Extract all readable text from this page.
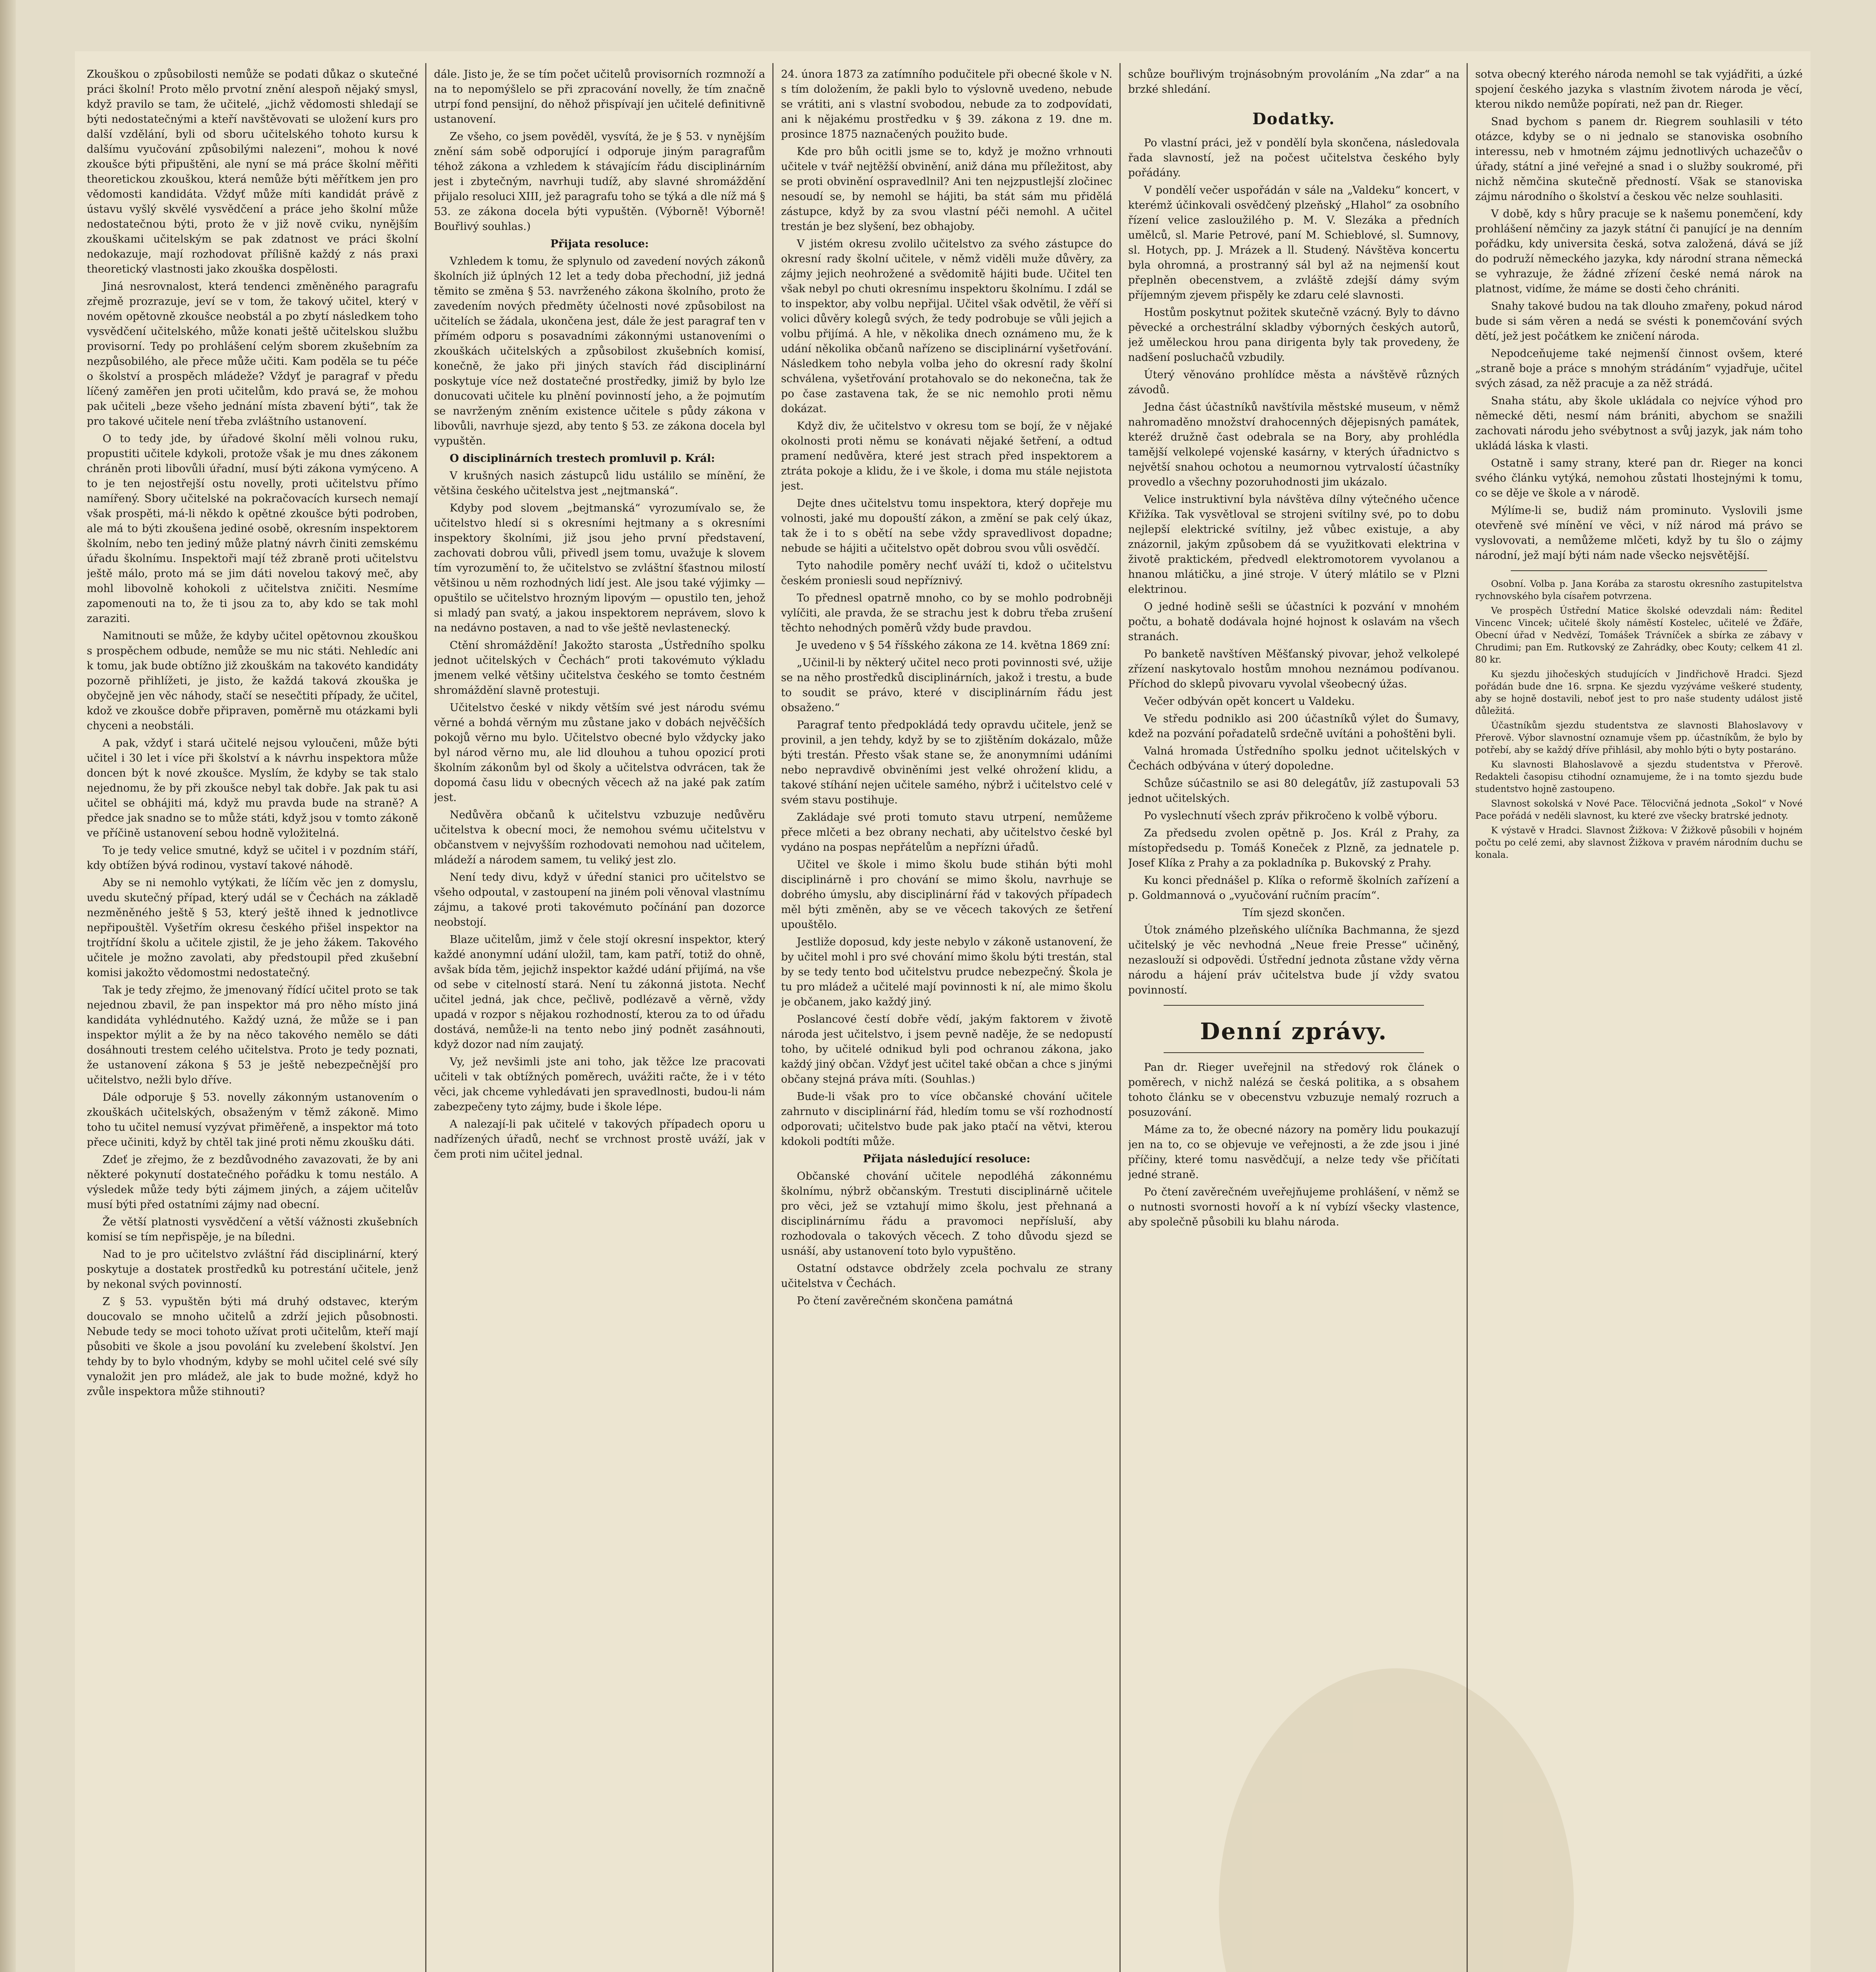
Zkouškou o způsobilosti nemůže se podati důkaz o skutečné práci školní! Proto mělo prvotní znění alespoň nějaký smysl, když pravilo se tam, že učitelé, „jichž vědomosti shledají se býti nedostatečnými a kteří navštěvovati se uložení kurs pro další vzdělání, byli od sboru učitelského tohoto kursu k dalšímu vyučování způsobilými nalezeni“, mohou k nové zkoušce býti připuštěni, ale nyní se má práce školní měřiti theoretickou zkouškou, která nemůže býti měřítkem jen pro vědomosti kandidáta. Vždyť může míti kandidát právě z ústavu vyšlý skvělé vysvědčení a práce jeho školní může nedostatečnou býti, proto že v již nově cviku, nynějším zkouškami učitelským se pak zdatnost ve práci školní nedokazuje, mají rozhodovat přílišně každý z nás praxi theoretický vlastnosti jako zkouška dospělosti.

Jiná nesrovnalost, která tendenci změněného paragrafu zřejmě prozrazuje, jeví se v tom, že takový učitel, který v novém opětovně zkoušce neobstál a po zbytí následkem toho vysvědčení učitelského, může konati ještě učitelskou službu provisorní. Tedy po prohlášení celým sborem zkušebním za nezpůsobilého, ale přece může učiti. Kam poděla se tu péče o školství a prospěch mládeže? Vždyť je paragraf v předu líčený zaměřen jen proti učitelům, kdo pravá se, že mohou pak učiteli „beze všeho jednání místa zbavení býti“, tak že pro takové učitele není třeba zvláštního ustanovení.

O to tedy jde, by úřadové školní měli volnou ruku, propustiti učitele kdykoli, protože však je mu dnes zákonem chráněn proti libovůli úřadní, musí býti zákona vymýceno. A to je ten nejostřejší ostu novelly, proti učitelstvu přímo namířený. Sbory učitelské na pokračovacích kursech nemají však prospěti, má-li někdo k opětné zkoušce býti podroben, ale má to býti zkoušena jediné osobě, okresním inspektorem školním, nebo ten jediný může platný návrh činiti zemskému úřadu školnímu. Inspektoři mají též zbraně proti učitelstvu ještě málo, proto má se jim dáti novelou takový meč, aby mohl libovolně kohokoli z učitelstva zničiti. Nesmíme zapomenouti na to, že ti jsou za to, aby kdo se tak mohl zaraziti.

Namitnouti se může, že kdyby učitel opětovnou zkouškou s prospěchem odbude, nemůže se mu nic státi. Nehledíc ani k tomu, jak bude obtížno již zkouškám na takovéto kandidáty pozorně přihlížeti, je jisto, že každá taková zkouška je obyčejně jen věc náhody, stačí se nesečtiti případy, že učitel, kdož ve zkoušce dobře připraven, poměrně mu otázkami byli chyceni a neobstáli.

A pak, vždyť i stará učitelé nejsou vyloučeni, může býti učitel i 30 let i více při školství a k návrhu inspektora může doncen být k nové zkoušce. Myslím, že kdyby se tak stalo nejednomu, že by při zkoušce nebyl tak dobře. Jak pak tu asi učitel se obhájiti má, když mu pravda bude na straně? A předce jak snadno se to může státi, když jsou v tomto zákoně ve příčině ustanovení sebou hodně vyložitelná.

To je tedy velice smutné, když se učitel i v pozdním stáří, kdy obtížen bývá rodinou, vystaví takové náhodě.

Aby se ni nemohlo vytýkati, že líčím věc jen z domyslu, uvedu skutečný případ, který udál se v Čechách na základě nezměněného ještě § 53, který ještě ihned k jednotlivce nepřipouštěl. Vyšetřím okresu českého přišel inspektor na trojtřídní školu a učitele zjistil, že je jeho žákem. Takového učitele je možno zavolati, aby předstoupil před zkušební komisi jakožto vědomostmi nedostatečný.

Tak je tedy zřejmo, že jmenovaný řídící učitel proto se tak nejednou zbavil, že pan inspektor má pro něho místo jiná kandidáta vyhlédnutého. Každý uzná, že může se i pan inspektor mýlit a že by na něco takového nemělo se dáti dosáhnouti trestem celého učitelstva. Proto je tedy poznati, že ustanovení zákona § 53 je ještě nebezpečnější pro učitelstvo, nežli bylo dříve.

Dále odporuje § 53. novelly zákonným ustanovením o zkouškách učitelských, obsaženým v těmž zákoně. Mimo toho tu učitel nemusí vyzývat přiměřeně, a inspektor má toto přece učiniti, když by chtěl tak jiné proti němu zkoušku dáti.

Zdeť je zřejmo, že z bezdůvodného zavazovati, že by ani některé pokynutí dostatečného pořádku k tomu nestálo. A výsledek může tedy býti zájmem jiných, a zájem učitelův musí býti před ostatními zájmy nad obecní.

Že větší platnosti vysvědčení a větší vážnosti zkušebních komisí se tím nepřispěje, je na bíledni.

Nad to je pro učitelstvo zvláštní řád disciplinární, který poskytuje a dostatek prostředků ku potrestání učitele, jenž by nekonal svých povinností.

Z § 53. vypuštěn býti má druhý odstavec, kterým doucovalo se mnoho učitelů a zdrží jejich působnosti. Nebude tedy se moci tohoto užívat proti učitelům, kteří mají působiti ve škole a jsou povolání ku zvelebení školství. Jen tehdy by to bylo vhodným, kdyby se mohl učitel celé své síly vynaložit jen pro mládež, ale jak to bude možné, když ho zvůle inspektora může stihnouti?

dále. Jisto je, že se tím počet učitelů provisorních rozmnoží a na to nepomýšlelo se při zpracování novelly, že tím značně utrpí fond pensijní, do něhož přispívají jen učitelé definitivně ustanovení.

Ze všeho, co jsem pověděl, vysvítá, že je § 53. v nynějším znění sám sobě odporující i odporuje jiným paragrafům téhož zákona a vzhledem k stávajícím řádu disciplinárním jest i zbytečným, navrhuji tudíž, aby slavné shromáždění přijalo resoluci XIII, jež paragrafu toho se týká a dle níž má § 53. ze zákona docela býti vypuštěn. (Výborně! Výborně! Bouřlivý souhlas.)

Přijata resoluce:

Vzhledem k tomu, že splynulo od zavedení nových zákonů školních již úplných 12 let a tedy doba přechodní, již jedná těmito se změna § 53. navrženého zákona školního, proto že zavedením nových předměty účelnosti nové způsobilost na učitelích se žádala, ukončena jest, dále že jest paragraf ten v přímém odporu s posavadními zákonnými ustanoveními o zkouškách učitelských a způsobilost zkušebních komisí, konečně, že jako při jiných stavích řád disciplinární poskytuje více než dostatečné prostředky, jimiž by bylo lze donucovati učitele ku plnění povinností jeho, a že pojmutím se navrženým zněním existence učitele s půdy zákona v libovůli, navrhuje sjezd, aby tento § 53. ze zákona docela byl vypuštěn.

O disciplinárních trestech promluvil p. Král:

V krušných nasich zástupců lidu ustálilo se mínění, že většina českého učitelstva jest „nejtmanská“.

Kdyby pod slovem „bejtmanská“ vyrozumívalo se, že učitelstvo hledí si s okresními hejtmany a s okresními inspektory školními, již jsou jeho první představení, zachovati dobrou vůli, přivedl jsem tomu, uvažuje k slovem tím vyrozumění to, že učitelstvo se zvláštní šťastnou milostí většinou u něm rozhodných lidí jest. Ale jsou také výjimky — opuštilo se učitelstvo hrozným lipovým — opustilo ten, jehož si mladý pan svatý, a jakou inspektorem neprávem, slovo k na nedávno postaven, a nad to vše ještě nevlastenecký.

Ctění shromáždění! Jakožto starosta „Ústředního spolku jednot učitelských v Čechách“ proti takovémuto výkladu jmenem velké většiny učitelstva českého se tomto čestném shromáždění slavně protestuji.

Učitelstvo české v nikdy větším své jest národu svému věrné a bohdá věrným mu zůstane jako v dobách nejvěčších pokojů věrno mu bylo. Učitelstvo obecné bylo vždycky jako byl národ věrno mu, ale lid dlouhou a tuhou opozicí proti školním zákonům byl od školy a učitelstva odvrácen, tak že dopomá času lidu v obecných věcech až na jaké pak zatím jest.

Nedůvěra občanů k učitelstvu vzbuzuje nedůvěru učitelstva k obecní moci, že nemohou svému učitelstvu v občanstvem v nejvyšším rozhodovati nemohou nad učitelem, mládeží a národem samem, tu veliký jest zlo.

Není tedy divu, když v úřední stanici pro učitelstvo se všeho odpoutal, v zastoupení na jiném poli věnoval vlastnímu zájmu, a takové proti takovémuto počínání pan dozorce neobstojí.

Blaze učitelům, jimž v čele stojí okresní inspektor, který každé anonymní udání uložil, tam, kam patří, totiž do ohně, avšak bída těm, jejichž inspektor každé udání přijímá, na vše od sebe v citelností stará. Není tu zákonná jistota. Nechť učitel jedná, jak chce, pečlivě, podlézavě a věrně, vždy upadá v rozpor s nějakou rozhodností, kterou za to od úřadu dostává, nemůže-li na tento nebo jiný podnět zasáhnouti, když dozor nad ním zaujatý.

Vy, jež nevšimli jste ani toho, jak těžce lze pracovati učiteli v tak obtížných poměrech, uvážiti račte, že i v této věci, jak chceme vyhledávati jen spravedlnosti, budou-li nám zabezpečeny tyto zájmy, bude i škole lépe.

A nalezají-li pak učitelé v takových případech oporu u nadřízených úřadů, nechť se vrchnost prostě uváží, jak v čem proti nim učitel jednal.

24. února 1873 za zatímního podučitele při obecné škole v N. s tím doložením, že pakli bylo to výslovně uvedeno, nebude se vrátiti, ani s vlastní svobodou, nebude za to zodpovídati, ani k nějakému prostředku v § 39. zákona z 19. dne m. prosince 1875 naznačených použito bude.

Kde pro bůh ocitli jsme se to, když je možno vrhnouti učitele v tvář nejtěžší obvinění, aniž dána mu příležitost, aby se proti obvinění ospravedlnil? Ani ten nejzpustlejší zločinec nesoudí se, by nemohl se hájiti, ba stát sám mu přidělá zástupce, když by za svou vlastní péči nemohl. A učitel trestán je bez slyšení, bez obhajoby.

V jistém okresu zvolilo učitelstvo za svého zástupce do okresní rady školní učitele, v němž viděli muže důvěry, za zájmy jejich neohrožené a svědomitě hájiti bude. Učitel ten však nebyl po chuti okresnímu inspektoru školnímu. I zdál se to inspektor, aby volbu nepřijal. Učitel však odvětil, že věří si volici důvěry kolegů svých, že tedy podrobuje se vůli jejich a volbu přijímá. A hle, v několika dnech oznámeno mu, že k udání několika občanů nařízeno se disciplinární vyšetřování. Následkem toho nebyla volba jeho do okresní rady školní schválena, vyšetřování protahovalo se do nekonečna, tak že po čase zastavena tak, že se nic nemohlo proti němu dokázat.

Když div, že učitelstvo v okresu tom se bojí, že v nějaké okolnosti proti němu se konávati nějaké šetření, a odtud pramení nedůvěra, které jest strach před inspektorem a ztráta pokoje a klidu, že i ve škole, i doma mu stále nejistota jest.

Dejte dnes učitelstvu tomu inspektora, který dopřeje mu volnosti, jaké mu dopouští zákon, a změní se pak celý úkaz, tak že i to s obětí na sebe vždy spravedlivost dopadne; nebude se hájiti a učitelstvo opět dobrou svou vůli osvědčí.

Tyto nahodile poměry nechť uváží ti, kdož o učitelstvu českém proniesli soud nepříznivý.

To přednesl opatrně mnoho, co by se mohlo podrobněji vylíčiti, ale pravda, že se strachu jest k dobru třeba zrušení těchto nehodných poměrů vždy bude pravdou.

Je uvedeno v § 54 říšského zákona ze 14. května 1869 zní:

„Učinil-li by některý učitel neco proti povinnosti své, užije se na něho prostředků disciplinárních, jakož i trestu, a bude to soudit se právo, které v disciplinárním řádu jest obsaženo.“

Paragraf tento předpokládá tedy opravdu učitele, jenž se provinil, a jen tehdy, když by se to zjištěním dokázalo, může býti trestán. Přesto však stane se, že anonymními udáními nebo nepravdivě obviněními jest velké ohrožení klidu, a takové stíhání nejen učitele samého, nýbrž i učitelstvo celé v svém stavu postihuje.

Zakládaje své proti tomuto stavu utrpení, nemůžeme přece mlčeti a bez obrany nechati, aby učitelstvo české byl vydáno na pospas nepřátelům a nepřízni úřadů.

Učitel ve škole i mimo školu bude stihán býti mohl disciplinárně i pro chování se mimo školu, navrhuje se dobrého úmyslu, aby disciplinární řád v takových případech měl býti změněn, aby se ve věcech takových ze šetření upouštělo.

Jestliže doposud, kdy jeste nebylo v zákoně ustanovení, že by učitel mohl i pro své chování mimo školu býti trestán, stal by se tedy tento bod učitelstvu prudce nebezpečný. Škola je tu pro mládež a učitelé mají povinnosti k ní, ale mimo školu je občanem, jako každý jiný.

Poslancové čestí dobře vědí, jakým faktorem v životě národa jest učitelstvo, i jsem pevně naděje, že se nedopustí toho, by učitelé odnikud byli pod ochranou zákona, jako každý jiný občan. Vždyť jest učitel také občan a chce s jinými občany stejná práva míti. (Souhlas.)

Bude-li však pro to více občanské chování učitele zahrnuto v disciplinární řád, hledím tomu se vší rozhodností odporovati; učitelstvo bude pak jako ptačí na větvi, kterou kdokoli podtíti může.

Přijata následující resoluce:

Občanské chování učitele nepodléhá zákonnému školnímu, nýbrž občanským. Trestuti disciplinárně učitele pro věci, jež se vztahují mimo školu, jest přehnaná a disciplinárnímu řádu a pravomoci nepřísluší, aby rozhodovala o takových věcech. Z toho důvodu sjezd se usnáší, aby ustanovení toto bylo vypuštěno.

Ostatní odstavce obdržely zcela pochvalu ze strany učitelstva v Čechách.

Po čtení zavěrečném skončena památná

schůze bouřlivým trojnásobným provoláním „Na zdar“ a na brzké shledání.

Dodatky.

Po vlastní práci, jež v pondělí byla skončena, následovala řada slavností, jež na počest učitelstva českého byly pořádány.

V pondělí večer uspořádán v sále na „Valdeku“ koncert, v kterémž účinkovali osvědčený plzeňský „Hlahol“ za osobního řízení velice zasloužilého p. M. V. Slezáka a předních umělců, sl. Marie Petrové, paní M. Schieblové, sl. Sumnovy, sl. Hotych, pp. J. Mrázek a ll. Studený. Návštěva koncertu byla ohromná, a prostranný sál byl až na nejmenší kout přeplněn obecenstvem, a zvláště zdejší dámy svým příjemným zjevem přispěly ke zdaru celé slavnosti.

Hostům poskytnut požitek skutečně vzácný. Byly to dávno pěvecké a orchestrální skladby výborných českých autorů, jež uměleckou hrou pana dirigenta byly tak provedeny, že nadšení posluchačů vzbudily.

Úterý věnováno prohlídce města a návštěvě různých závodů.

Jedna část účastníků navštívila městské museum, v němž nahromaděno množství drahocenných dějepisných památek, kteréž družně čast odebrala se na Bory, aby prohlédla tamější velkolepé vojenské kasárny, v kterých úřadnictvo s největší snahou ochotou a neumornou vytrvalostí účastníky provedlo a všechny pozoruhodnosti jim ukázalo.

Velice instruktivní byla návštěva dílny výtečného učence Křižíka. Tak vysvětloval se strojeni svítilny své, po to dobu nejlepší elektrické svítilny, jež vůbec existuje, a aby znázornil, jakým způsobem dá se využitkovati elektrina v životě praktickém, předvedl elektromotorem vyvolanou a hnanou mlátičku, a jiné stroje. V úterý mlátilo se v Plzni elektrinou.

O jedné hodině sešli se účastníci k pozvání v mnohém počtu, a bohatě dodávala hojné hojnost k oslavám na všech stranách.

Po banketě navštíven Měšťanský pivovar, jehož velkolepé zřízení naskytovalo hostům mnohou neznámou podívanou. Příchod do sklepů pivovaru vyvolal všeobecný úžas.

Večer odbýván opět koncert u Valdeku.

Ve středu podniklo asi 200 účastníků výlet do Šumavy, kdež na pozvání pořadatelů srdečně uvítáni a pohoštěni byli.

Valná hromada Ústředního spolku jednot učitelských v Čechách odbývána v úterý dopoledne.

Schůze súčastnilo se asi 80 delegátův, jíž zastupovali 53 jednot učitelských.

Po vyslechnutí všech zpráv přikročeno k volbě výboru.

Za předsedu zvolen opětně p. Jos. Král z Prahy, za místopředsedu p. Tomáš Koneček z Plzně, za jednatele p. Josef Klíka z Prahy a za pokladníka p. Bukovský z Prahy.

Ku konci přednášel p. Klíka o reformě školních zařízení a p. Goldmannová o „vyučování ručním pracím“.

Tím sjezd skončen.

Útok známého plzeňského ulíčníka Bachmanna, že sjezd učitelský je věc nevhodná „Neue freie Presse“ učiněný, nezaslouží si odpovědi. Ústřední jednota zůstane vždy věrna národu a hájení práv učitelstva bude jí vždy svatou povinností.

Denní zprávy.

Pan dr. Rieger uveřejnil na středový rok článek o poměrech, v nichž nalézá se česká politika, a s obsahem tohoto článku se v obecenstvu vzbuzuje nemalý rozruch a posuzování.

Máme za to, že obecné názory na poměry lidu poukazují jen na to, co se objevuje ve veřejnosti, a že zde jsou i jiné příčiny, které tomu nasvědčují, a nelze tedy vše přičítati jedné straně.

Po čtení zavěrečném uveřejňujeme prohlášení, v němž se o nutnosti svornosti hovoří a k ní vybízí všecky vlastence, aby společně působili ku blahu národa.

sotva obecný kterého národa nemohl se tak vyjádřiti, a úzké spojení českého jazyka s vlastním životem národa je věcí, kterou nikdo nemůže popírati, než pan dr. Rieger.

Snad bychom s panem dr. Riegrem souhlasili v této otázce, kdyby se o ni jednalo se stanoviska osobního interessu, neb v hmotném zájmu jednotlivých uchazečův o úřady, státní a jiné veřejné a snad i o služby soukromé, při nichž němčina skutečně předností. Však se stanoviska zájmu národního o školství a českou věc nelze souhlasiti.

V době, kdy s hůry pracuje se k našemu ponemčení, kdy prohlášení němčiny za jazyk státní či panující je na denním pořádku, kdy universita česká, sotva založená, dává se jíž do podruží německého jazyka, kdy národní strana německá se vyhrazuje, že žádné zřízení české nemá nárok na platnost, vidíme, že máme se dosti čeho chrániti.

Snahy takové budou na tak dlouho zmařeny, pokud národ bude si sám věren a nedá se svésti k ponemčování svých dětí, jež jest počátkem ke zničení národa.

Nepodceňujeme také nejmenší činnost ovšem, které „straně boje a práce s mnohým strádáním“ vyjadřuje, učitel svých zásad, za něž pracuje a za něž strádá.

Snaha státu, aby škole ukládala co nejvíce výhod pro německé děti, nesmí nám brániti, abychom se snažili zachovati národu jeho svébytnost a svůj jazyk, jak nám toho ukládá láska k vlasti.

Ostatně i samy strany, které pan dr. Rieger na konci svého článku vytýká, nemohou zůstati lhostejnými k tomu, co se děje ve škole a v národě.

Mýlíme-li se, budiž nám prominuto. Vyslovili jsme otevřeně své mínění ve věci, v níž národ má právo se vyslovovati, a nemůžeme mlčeti, když by tu šlo o zájmy národní, jež mají býti nám nade všecko nejsvětější.

Osobní. Volba p. Jana Korába za starostu okresního zastupitelstva rychnovského byla císařem potvrzena.

Ve prospěch Ústřední Matice školské odevzdali nám: Ředitel Vincenc Vincek; učitelé školy náměstí Kostelec, učitelé ve Žďáře, Obecní úřad v Nedvězí, Tomášek Trávníček a sbírka ze zábavy v Chrudimi; pan Em. Rutkovský ze Zahrádky, obec Kouty; celkem 41 zl. 80 kr.

Ku sjezdu jihočeských studujících v Jindřichově Hradci. Sjezd pořádán bude dne 16. srpna. Ke sjezdu vyzýváme veškeré studenty, aby se hojně dostavili, neboť jest to pro naše studenty událost jistě důležitá.

Účastníkům sjezdu studentstva ze slavnosti Blahoslavovy v Přerově. Výbor slavnostní oznamuje všem pp. účastníkům, že bylo by potřebí, aby se každý dříve přihlásil, aby mohlo býti o byty postaráno.

Ku slavnosti Blahoslavově a sjezdu studentstva v Přerově. Redakteli časopisu ctihodní oznamujeme, že i na tomto sjezdu bude studentstvo hojně zastoupeno.

Slavnost sokolská v Nové Pace. Tělocvičná jednota „Sokol“ v Nové Pace pořádá v neděli slavnost, ku které zve všecky bratrské jednoty.

K výstavě v Hradci. Slavnost Žižkova: V Žižkově působili v hojném počtu po celé zemi, aby slavnost Žižkova v pravém národním duchu se konala.
